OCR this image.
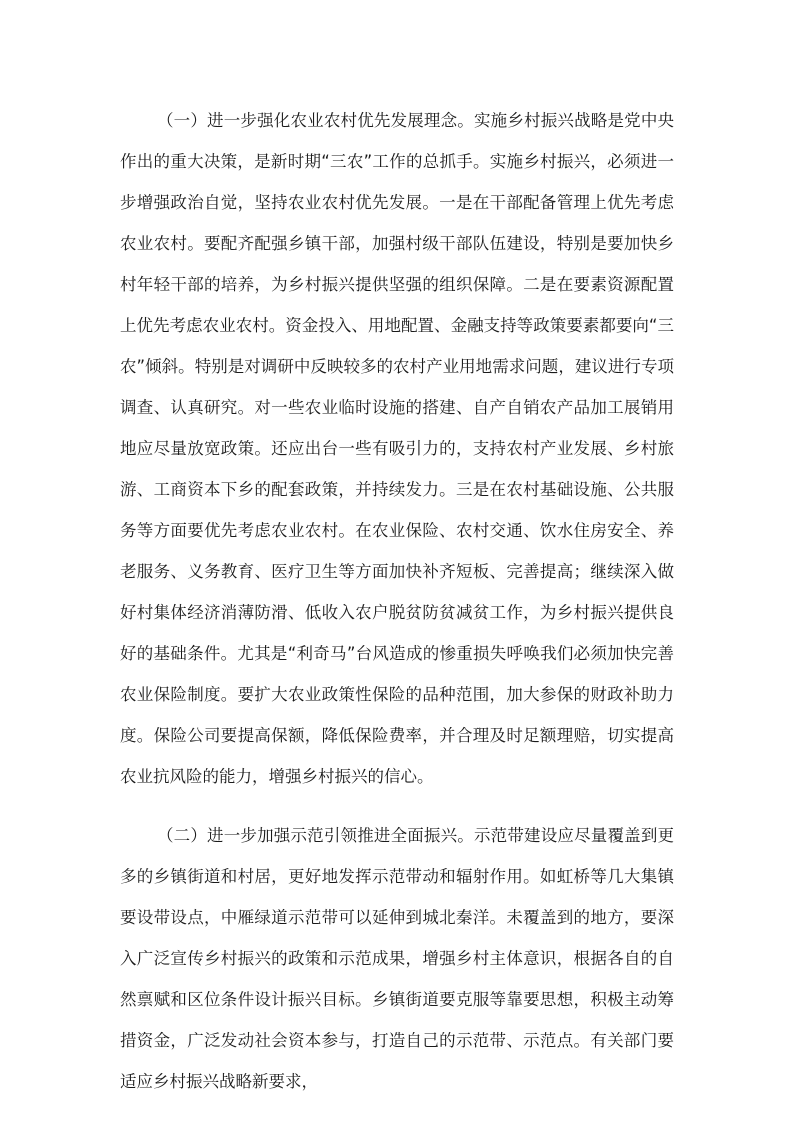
（一）进一步强化农业农村优先发展理念。实施乡村振兴战略是党中央作出的重大决策，是新时期“三农”工作的总抓手。实施乡村振兴，必须进一步增强政治自觉，坚持农业农村优先发展。一是在干部配备管理上优先考虑农业农村。要配齐配强乡镇干部，加强村级干部队伍建设，特别是要加快乡村年轻干部的培养，为乡村振兴提供坚强的组织保障。二是在要素资源配置上优先考虑农业农村。资金投入、用地配置、金融支持等政策要素都要向“三农”倾斜。特别是对调研中反映较多的农村产业用地需求问题，建议进行专项调查、认真研究。对一些农业临时设施的搭建、自产自销农产品加工展销用地应尽量放宽政策。还应出台一些有吸引力的，支持农村产业发展、乡村旅游、工商资本下乡的配套政策，并持续发力。三是在农村基础设施、公共服务等方面要优先考虑农业农村。在农业保险、农村交通、饮水住房安全、养老服务、义务教育、医疗卫生等方面加快补齐短板、完善提高；继续深入做好村集体经济消薄防滑、低收入农户脱贫防贫减贫工作，为乡村振兴提供良好的基础条件。尤其是“利奇马”台风造成的惨重损失呼唤我们必须加快完善农业保险制度。要扩大农业政策性保险的品种范围，加大参保的财政补助力度。保险公司要提高保额，降低保险费率，并合理及时足额理赔，切实提高农业抗风险的能力，增强乡村振兴的信心。

（二）进一步加强示范引领推进全面振兴。示范带建设应尽量覆盖到更多的乡镇街道和村居，更好地发挥示范带动和辐射作用。如虹桥等几大集镇要设带设点，中雁绿道示范带可以延伸到城北秦洋。未覆盖到的地方，要深入广泛宣传乡村振兴的政策和示范成果，增强乡村主体意识，根据各自的自然禀赋和区位条件设计振兴目标。乡镇街道要克服等靠要思想，积极主动筹措资金，广泛发动社会资本参与，打造自己的示范带、示范点。有关部门要适应乡村振兴战略新要求，
